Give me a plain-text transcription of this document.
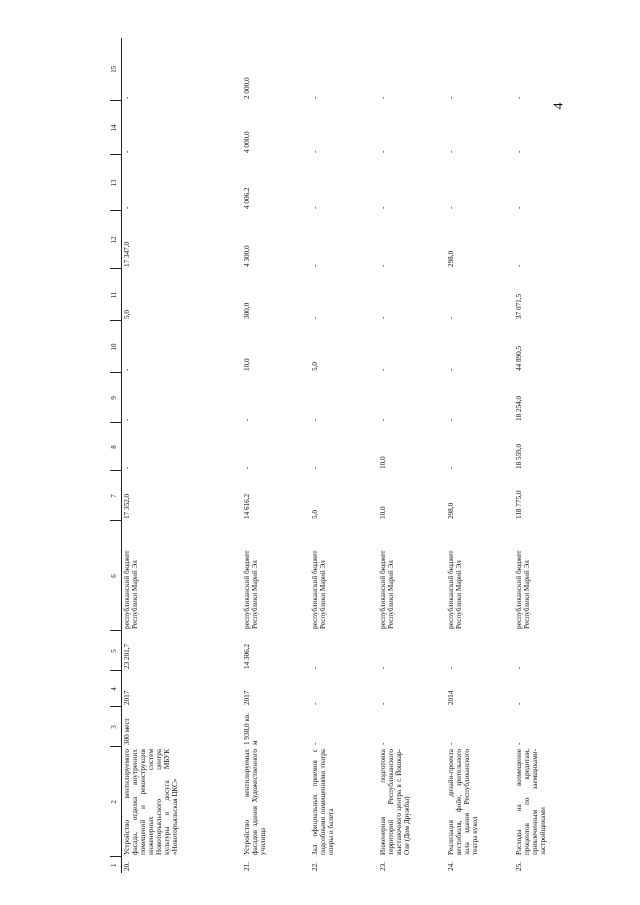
4
1	2	3	4	5	6	7	8	9	10	11	12	13	14	15
20.	Устройство вентилируемого фасада, отделка внутренних помещений и реконструкция инженерных систем Новоторъяльского центра культуры и досуга МБУК «Новоторъяльская ЦКС»	300 мест	2017	23 201,7	республиканский бюджет Республики Марий Эл	17 352,0	-	-	-	5,0	17 347,0	-	-	-
21.	Устройство вентилируемых фасадов здания Художественного училища	1 938,0 кв. м	2017	14 306,2	республиканский бюджет Республики Марий Эл	14 616,2	-	-	10,0	300,0	4 300,0	4 006,2	4 000,0	2 000,0
22.	Зал официальных приемов с подсобными помещениями театра оперы и балета	-	-	-	республиканский бюджет Республики Марий Эл	5,0	-	-	5,0	-	-	-	-	-
23.	Инженерная подготовка территорий Республиканского выставочного центра в г. Йошкар-Оле (Дом Дружбы)	-	-	-	республиканский бюджет Республики Марий Эл	10,0	10,0	-	-	-	-	-	-	-
24.	Реализация дизайн-проекта вестибюля, фойе, зрительного зала здания Республиканского театра кукол	-	2014	-	республиканский бюджет Республики Марий Эл	298,0	-	-	-	-	298,0	-	-	-
25.	Расходы на возмещение процентов по кредитам, привлеченным заемщиками-застройщиками	-	-	-	республиканский бюджет Республики Марий Эл	118 775,0	18 559,0	18 254,0	44 890,5	37 071,5	-	-	-	-
